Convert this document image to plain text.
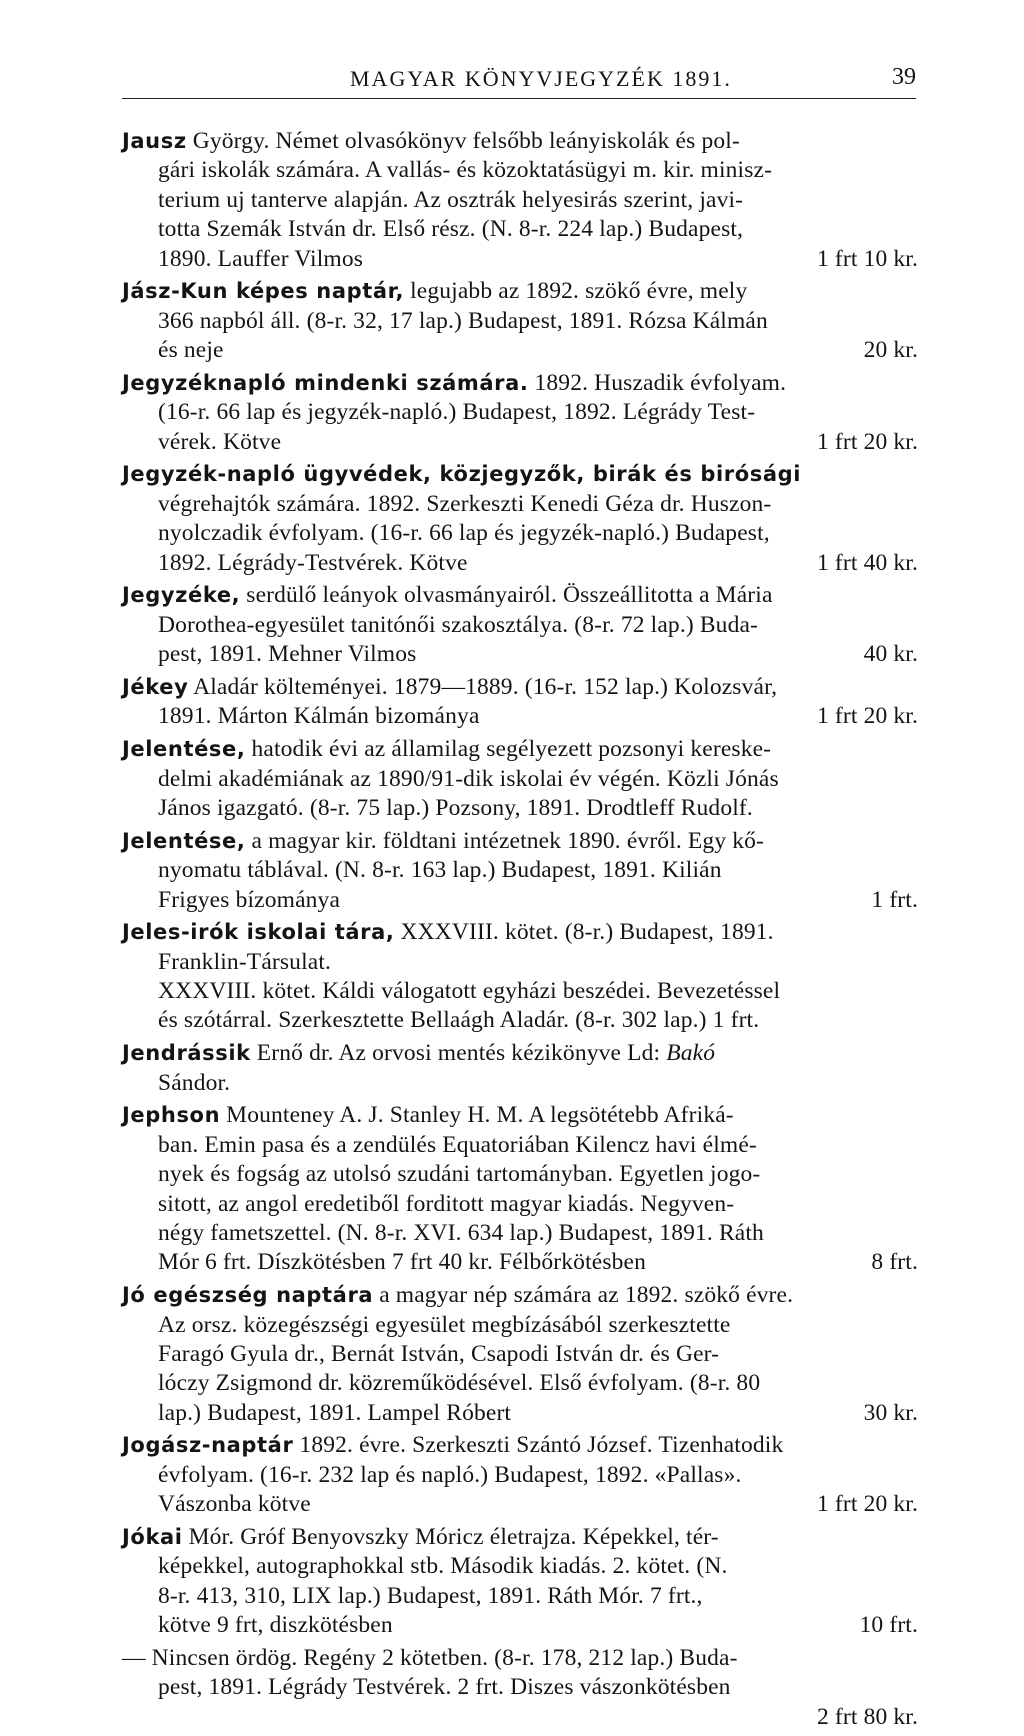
MAGYAR KÖNYVJEGYZÉK 1891.	39
Jausz György. Német olvasókönyv felsőbb leányiskolák és pol-
gári iskolák számára. A vallás- és közoktatásügyi m. kir. minisz-
terium uj tanterve alapján. Az osztrák helyesirás szerint, javi-
totta Szemák István dr. Első rész. (N. 8-r. 224 lap.) Budapest,
1890. Lauffer Vilmos	1 frt 10 kr.
Jász-Kun képes naptár, legujabb az 1892. szökő évre, mely
366 napból áll. (8-r. 32, 17 lap.) Budapest, 1891. Rózsa Kálmán
és neje	20 kr.
Jegyzéknapló mindenki számára. 1892. Huszadik évfolyam.
(16-r. 66 lap és jegyzék-napló.) Budapest, 1892. Légrády Test-
vérek. Kötve	1 frt 20 kr.
Jegyzék-napló ügyvédek, közjegyzők, birák és birósági
végrehajtók számára. 1892. Szerkeszti Kenedi Géza dr. Huszon-
nyolczadik évfolyam. (16-r. 66 lap és jegyzék-napló.) Budapest,
1892. Légrády-Testvérek. Kötve	1 frt 40 kr.
Jegyzéke, serdülő leányok olvasmányairól. Összeállitotta a Mária
Dorothea-egyesület tanitónői szakosztálya. (8-r. 72 lap.) Buda-
pest, 1891. Mehner Vilmos	40 kr.
Jékey Aladár költeményei. 1879—1889. (16-r. 152 lap.) Kolozsvár,
1891. Márton Kálmán bizománya	1 frt 20 kr.
Jelentése, hatodik évi az államilag segélyezett pozsonyi kereske-
delmi akadémiának az 1890/91-dik iskolai év végén. Közli Jónás
János igazgató. (8-r. 75 lap.) Pozsony, 1891. Drodtleff Rudolf.
Jelentése, a magyar kir. földtani intézetnek 1890. évről. Egy kő-
nyomatu táblával. (N. 8-r. 163 lap.) Budapest, 1891. Kilián
Frigyes bízománya	1 frt.
Jeles-irók iskolai tára, XXXVIII. kötet. (8-r.) Budapest, 1891.
Franklin-Társulat.
XXXVIII. kötet. Káldi válogatott egyházi beszédei. Bevezetéssel
és szótárral. Szerkesztette Bellaágh Aladár. (8-r. 302 lap.) 1 frt.
Jendrássik Ernő dr. Az orvosi mentés kézikönyve Ld: Bakó
Sándor.
Jephson Mounteney A. J. Stanley H. M. A legsötétebb Afriká-
ban. Emin pasa és a zendülés Equatoriában Kilencz havi élmé-
nyek és fogság az utolsó szudáni tartományban. Egyetlen jogo-
sitott, az angol eredetiből forditott magyar kiadás. Negyven-
négy fametszettel. (N. 8-r. XVI. 634 lap.) Budapest, 1891. Ráth
Mór 6 frt. Díszkötésben 7 frt 40 kr. Félbőrkötésben	8 frt.
Jó egészség naptára a magyar nép számára az 1892. szökő évre.
Az orsz. közegészségi egyesület megbízásából szerkesztette
Faragó Gyula dr., Bernát István, Csapodi István dr. és Ger-
lóczy Zsigmond dr. közreműködésével. Első évfolyam. (8-r. 80
lap.) Budapest, 1891. Lampel Róbert	30 kr.
Jogász-naptár 1892. évre. Szerkeszti Szántó József. Tizenhatodik
évfolyam. (16-r. 232 lap és napló.) Budapest, 1892. «Pallas».
Vászonba kötve	1 frt 20 kr.
Jókai Mór. Gróf Benyovszky Móricz életrajza. Képekkel, tér-
képekkel, autographokkal stb. Második kiadás. 2. kötet. (N.
8-r. 413, 310, LIX lap.) Budapest, 1891. Ráth Mór. 7 frt.,
kötve 9 frt, diszkötésben	10 frt.
— Nincsen ördög. Regény 2 kötetben. (8-r. 178, 212 lap.) Buda-
pest, 1891. Légrády Testvérek. 2 frt. Diszes vászonkötésben
2 frt 80 kr.
